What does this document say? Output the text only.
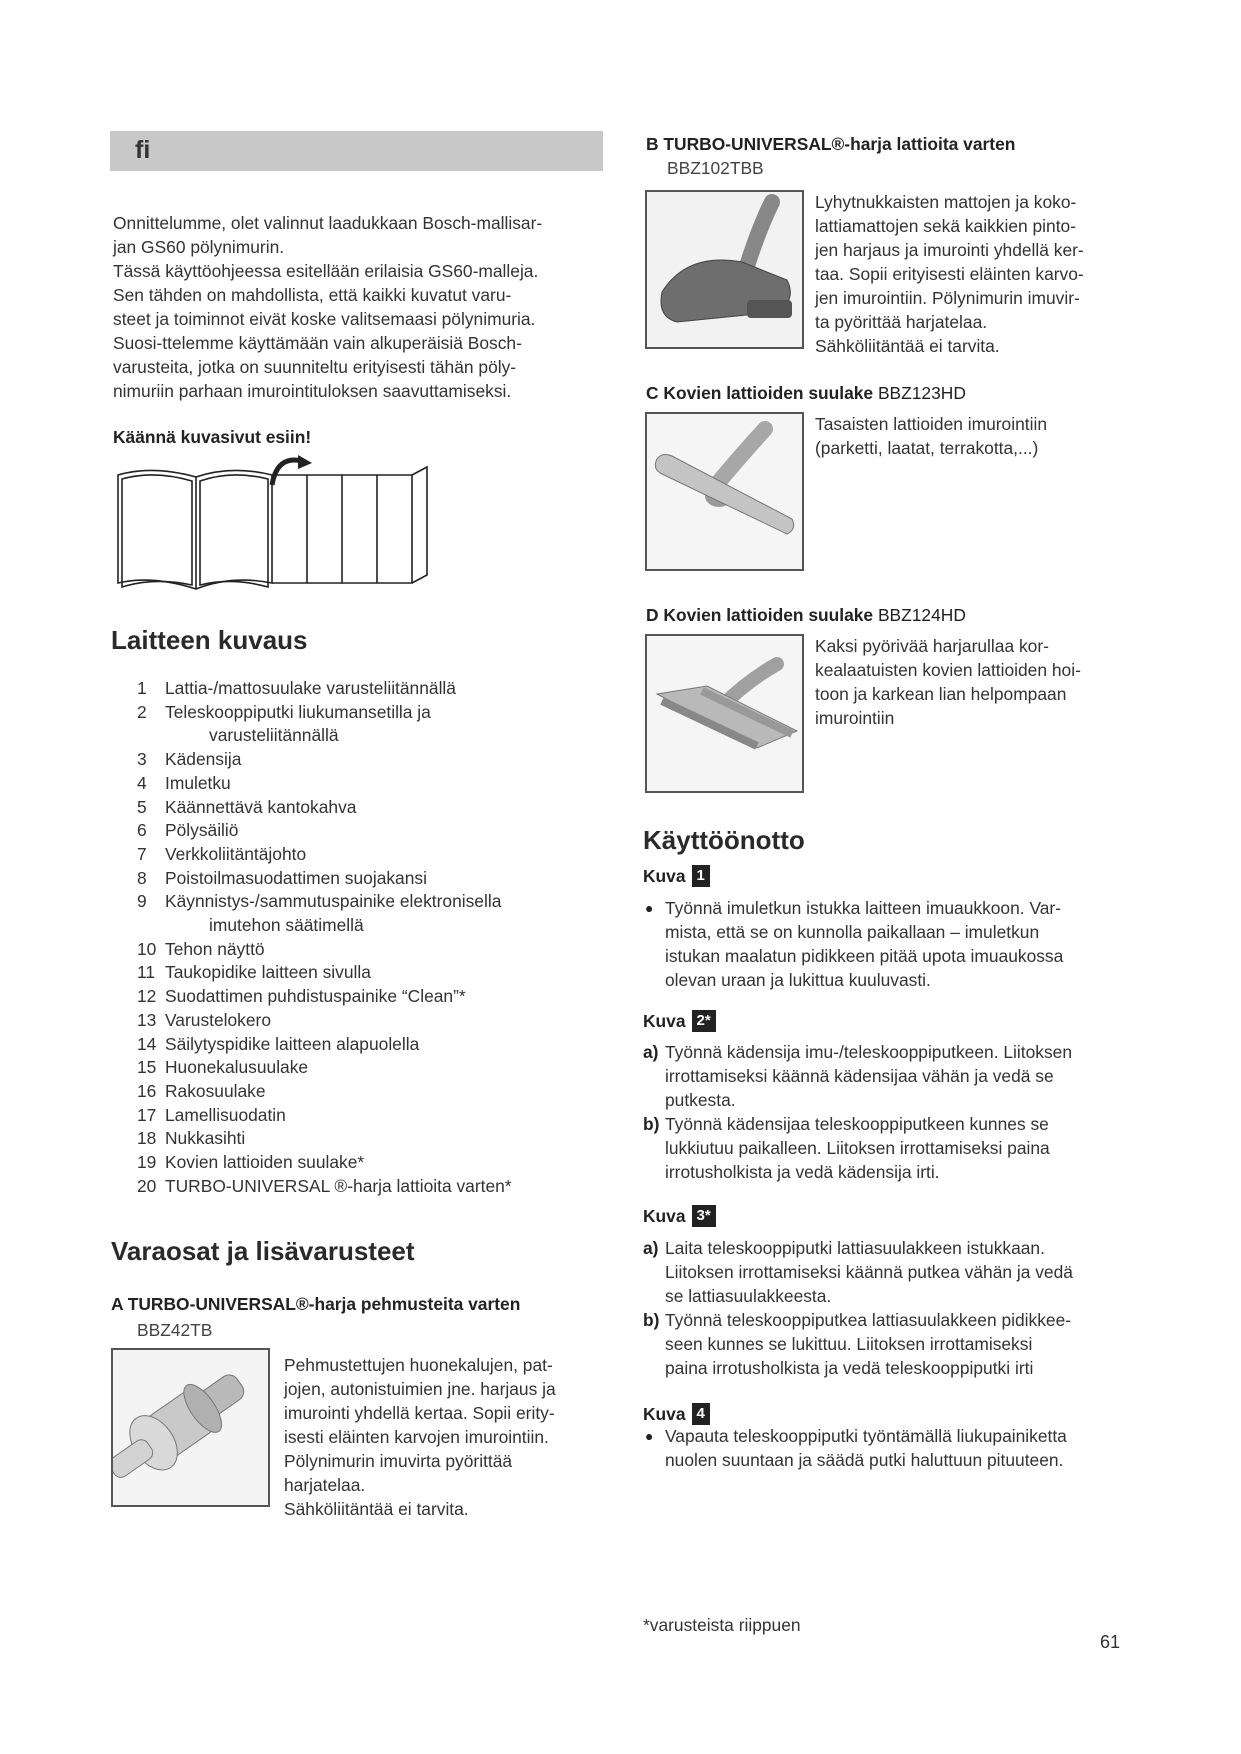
fi
Onnittelumme, olet valinnut laadukkaan Bosch-mallisar-
jan GS60 pölynimurin.
Tässä käyttöohjeessa esitellään erilaisia GS60-malleja.
Sen tähden on mahdollista, että kaikki kuvatut varu-
steet ja toiminnot eivät koske valitsemaasi pölynimuria.
Suosi-ttelemme käyttämään vain alkuperäisiä Bosch-
varusteita, jotka on suunniteltu erityisesti tähän pöly-
nimuriin parhaan imurointituloksen saavuttamiseksi.
Käännä kuvasivut esiin!
Laitteen kuvaus
1	Lattia-/mattosuulake varusteliitännällä
2	Teleskooppiputki liukumansetilla ja
varusteliitännällä
3	Kädensija
4	Imuletku
5	Käännettävä kantokahva
6	Pölysäiliö
7	Verkkoliitäntäjohto
8	Poistoilmasuodattimen suojakansi
9	Käynnistys-/sammutuspainike elektronisella
imutehon säätimellä
10 Tehon näyttö
11 Taukopidike laitteen sivulla
12 Suodattimen puhdistuspainike “Clean”*
13 Varustelokero
14 Säilytyspidike laitteen alapuolella
15 Huonekalusuulake
16 Rakosuulake
17 Lamellisuodatin
18 Nukkasihti
19 Kovien lattioiden suulake*
20 TURBO-UNIVERSAL ®-harja lattioita varten*
Varaosat ja lisävarusteet
A TURBO-UNIVERSAL®-harja pehmusteita varten
BBZ42TB
Pehmustettujen huonekalujen, pat-
jojen, autonistuimien jne. harjaus ja
imurointi yhdellä kertaa. Sopii erity-
isesti eläinten karvojen imurointiin.
Pölynimurin imuvirta pyörittää
harjatelaa.
Sähköliitäntää ei tarvita.
B TURBO-UNIVERSAL®-harja lattioita varten
BBZ102TBB
Lyhytnukkaisten mattojen ja koko-
lattiamattojen sekä kaikkien pinto-
jen harjaus ja imurointi yhdellä ker-
taa. Sopii erityisesti eläinten karvo-
jen imurointiin. Pölynimurin imuvir-
ta pyörittää harjatelaa.
Sähköliitäntää ei tarvita.
C Kovien lattioiden suulake BBZ123HD
Tasaisten lattioiden imurointiin
(parketti, laatat, terrakotta,...)
D Kovien lattioiden suulake BBZ124HD
Kaksi pyörivää harjarullaa kor-
kealaatuisten kovien lattioiden hoi-
toon ja karkean lian helpompaan
imurointiin
Käyttöönotto
Kuva 1
● Työnnä imuletkun istukka laitteen imuaukkoon. Var-
mista, että se on kunnolla paikallaan – imuletkun
istukan maalatun pidikkeen pitää upota imuaukossa
olevan uraan ja lukittua kuuluvasti.
Kuva 2*
a) Työnnä kädensija imu-/teleskooppiputkeen. Liitoksen
irrottamiseksi käännä kädensijaa vähän ja vedä se
putkesta.
b) Työnnä kädensijaa teleskooppiputkeen kunnes se
lukkiutuu paikalleen. Liitoksen irrottamiseksi paina
irrotusholkista ja vedä kädensija irti.
Kuva 3*
a) Laita teleskooppiputki lattiasuulakkeen istukkaan.
Liitoksen irrottamiseksi käännä putkea vähän ja vedä
se lattiasuulakkeesta.
b) Työnnä teleskooppiputkea lattiasuulakkeen pidikkee-
seen kunnes se lukittuu. Liitoksen irrottamiseksi
paina irrotusholkista ja vedä teleskooppiputki irti
Kuva 4
● Vapauta teleskooppiputki työntämällä liukupainiketta
nuolen suuntaan ja säädä putki haluttuun pituuteen.
*varusteista riippuen
61
